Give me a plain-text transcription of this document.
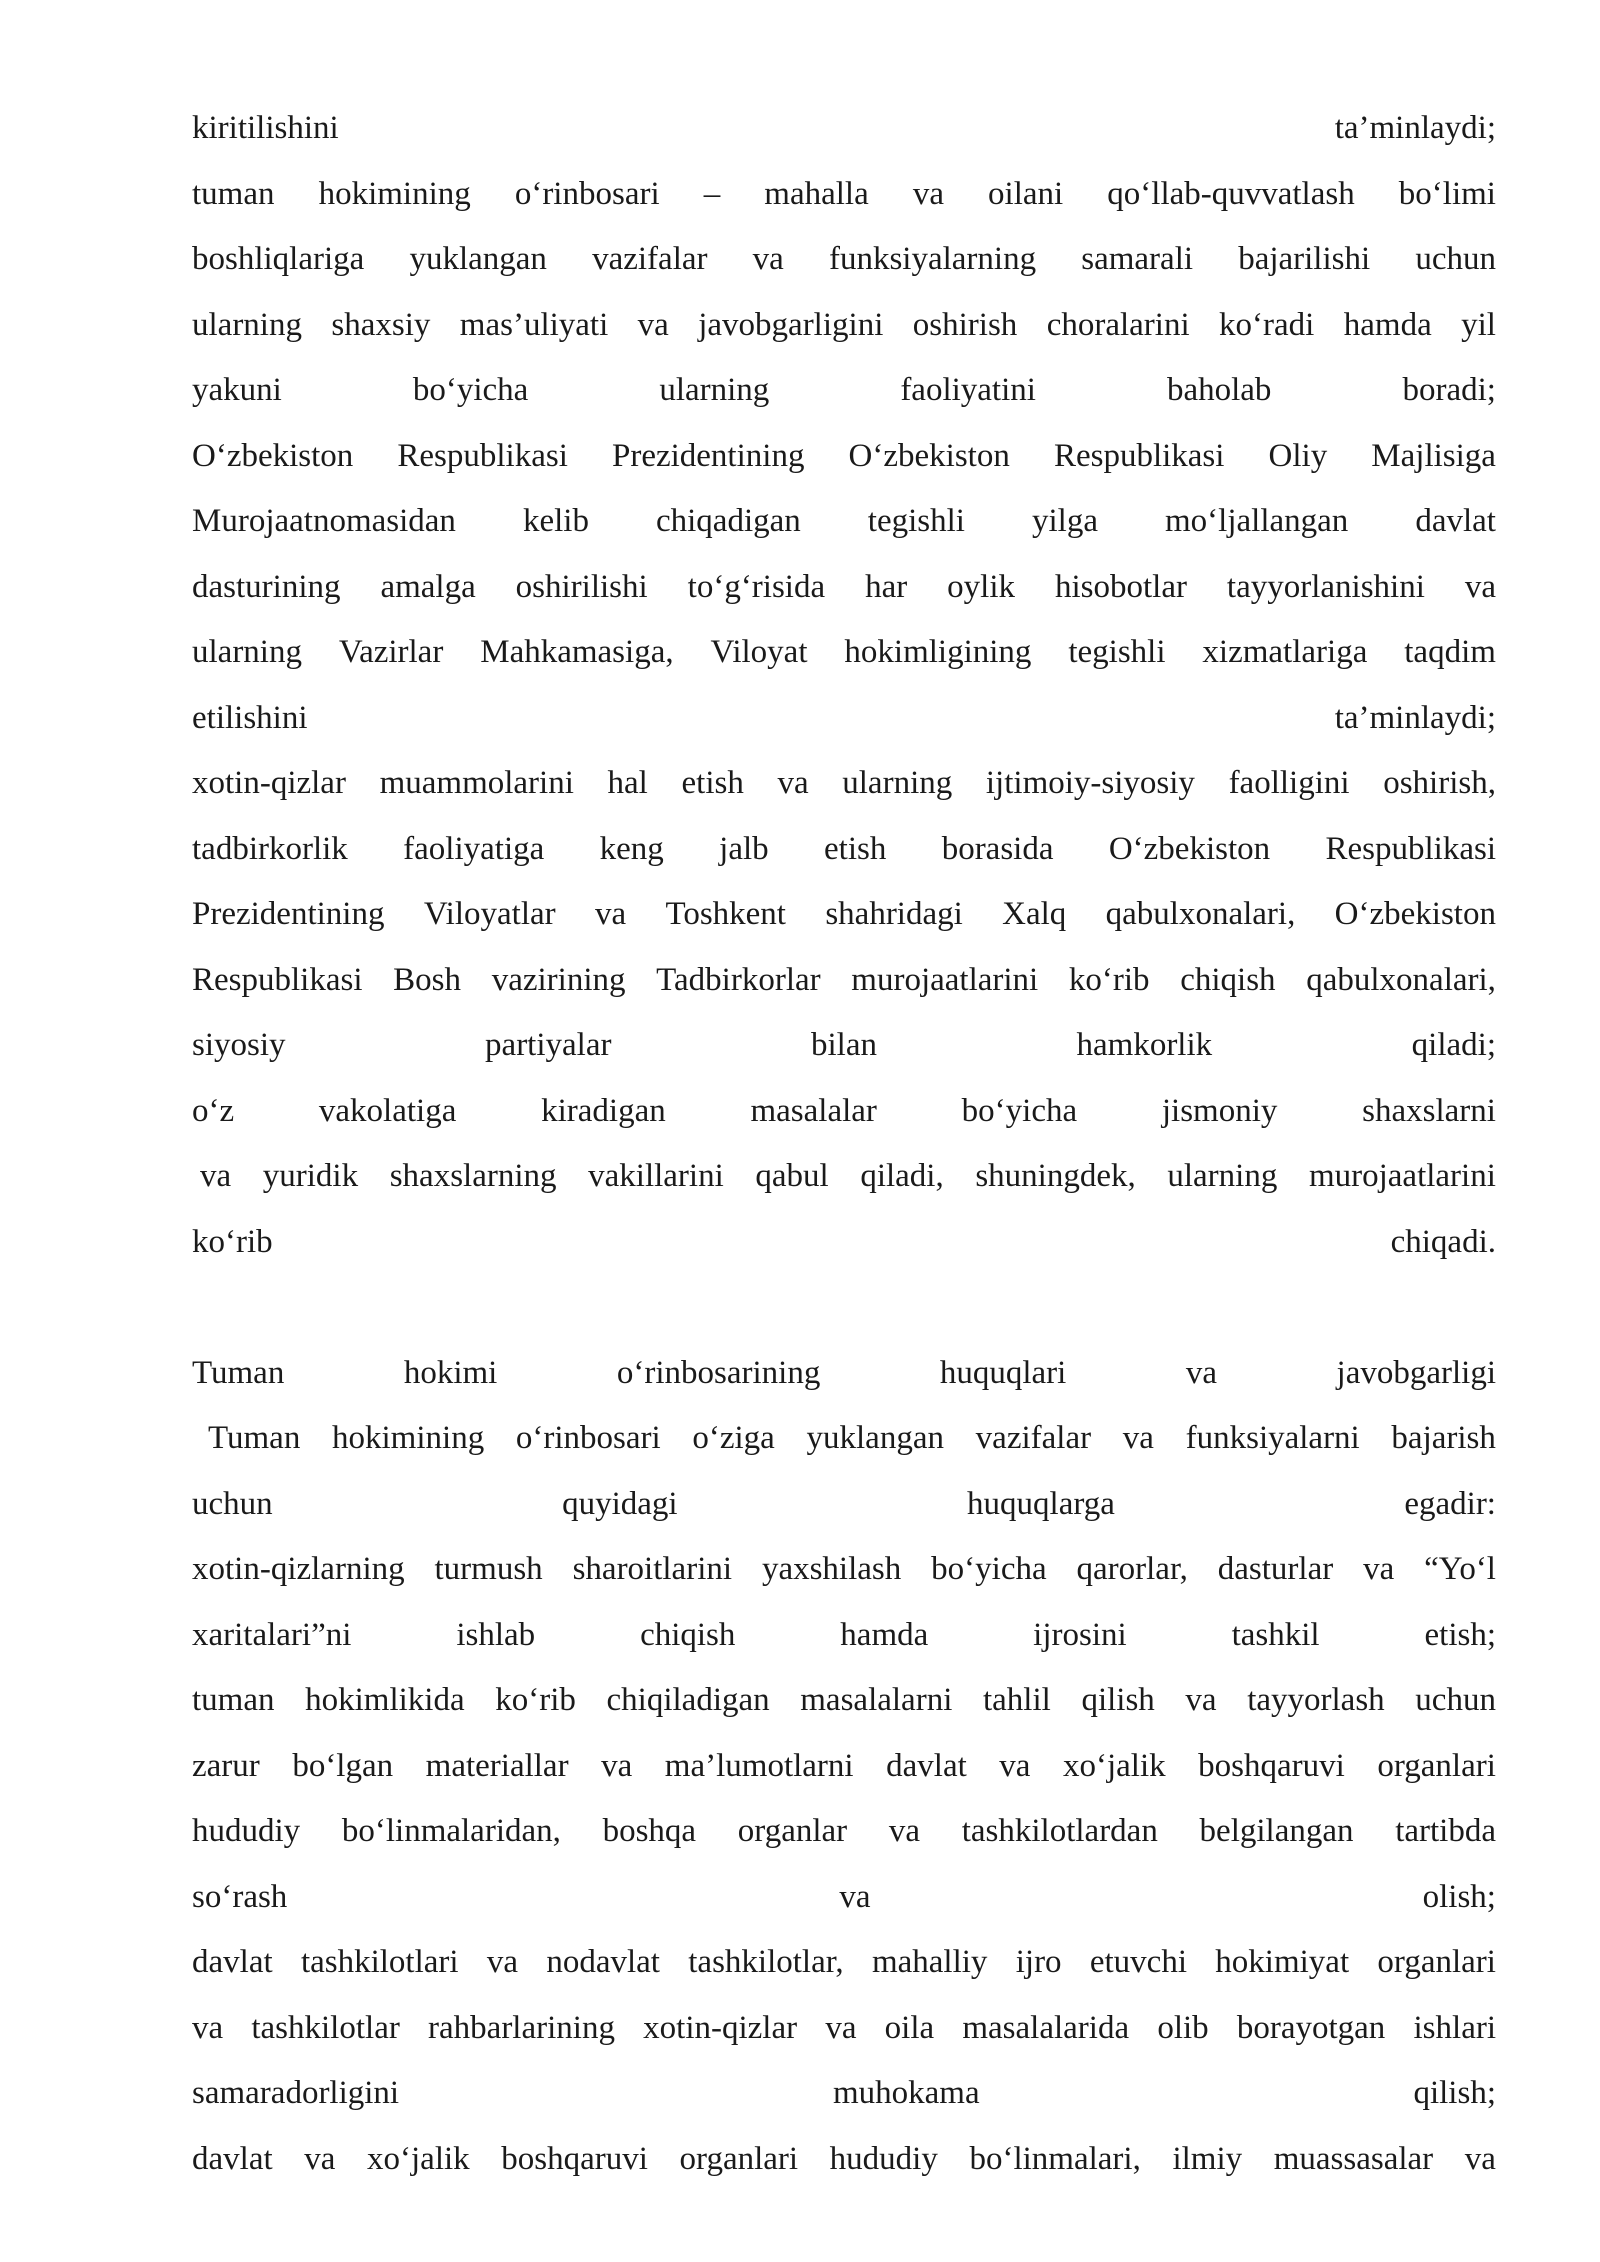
kiritilishini	ta’minlaydi;
tuman hokimining o‘rinbosari – mahalla va oilani qo‘llab-quvvatlash bo‘limi
boshliqlariga yuklangan vazifalar va funksiyalarning samarali bajarilishi uchun
ularning shaxsiy mas’uliyati va javobgarligini oshirish choralarini ko‘radi hamda yil
yakuni	bo‘yicha	ularning	faoliyatini	baholab	boradi;
O‘zbekiston Respublikasi Prezidentining O‘zbekiston Respublikasi Oliy Majlisiga
Murojaatnomasidan kelib chiqadigan tegishli yilga mo‘ljallangan davlat
dasturining amalga oshirilishi to‘g‘risida har oylik hisobotlar tayyorlanishini va
ularning Vazirlar Mahkamasiga, Viloyat hokimligining tegishli xizmatlariga taqdim
etilishini	ta’minlaydi;
xotin-qizlar muammolarini hal etish va ularning ijtimoiy-siyosiy faolligini oshirish,
tadbirkorlik faoliyatiga keng jalb etish borasida O‘zbekiston Respublikasi
Prezidentining Viloyatlar va Toshkent shahridagi Xalq qabulxonalari, O‘zbekiston
Respublikasi Bosh vazirining Tadbirkorlar murojaatlarini ko‘rib chiqish qabulxonalari,
siyosiy	partiyalar	bilan	hamkorlik	qiladi;
o‘z	vakolatiga	kiradigan	masalalar	bo‘yicha	jismoniy	shaxslarni
va yuridik shaxslarning vakillarini qabul qiladi, shuningdek, ularning murojaatlarini
ko‘rib	chiqadi.
Tuman	hokimi	o‘rinbosarining	huquqlari	va	javobgarligi
Tuman hokimining o‘rinbosari o‘ziga yuklangan vazifalar va funksiyalarni bajarish
uchun	quyidagi	huquqlarga	egadir:
xotin-qizlarning turmush sharoitlarini yaxshilash bo‘yicha qarorlar, dasturlar va “Yo‘l
xaritalari”ni	ishlab	chiqish	hamda	ijrosini	tashkil	etish;
tuman hokimlikida ko‘rib chiqiladigan masalalarni tahlil qilish va tayyorlash uchun
zarur bo‘lgan materiallar va ma’lumotlarni davlat va xo‘jalik boshqaruvi organlari
hududiy bo‘linmalaridan, boshqa organlar va tashkilotlardan belgilangan tartibda
so‘rash	va	olish;
davlat tashkilotlari va nodavlat tashkilotlar, mahalliy ijro etuvchi hokimiyat organlari
va tashkilotlar rahbarlarining xotin-qizlar va oila masalalarida olib borayotgan ishlari
samaradorligini	muhokama	qilish;
davlat va xo‘jalik boshqaruvi organlari hududiy bo‘linmalari, ilmiy muassasalar va
